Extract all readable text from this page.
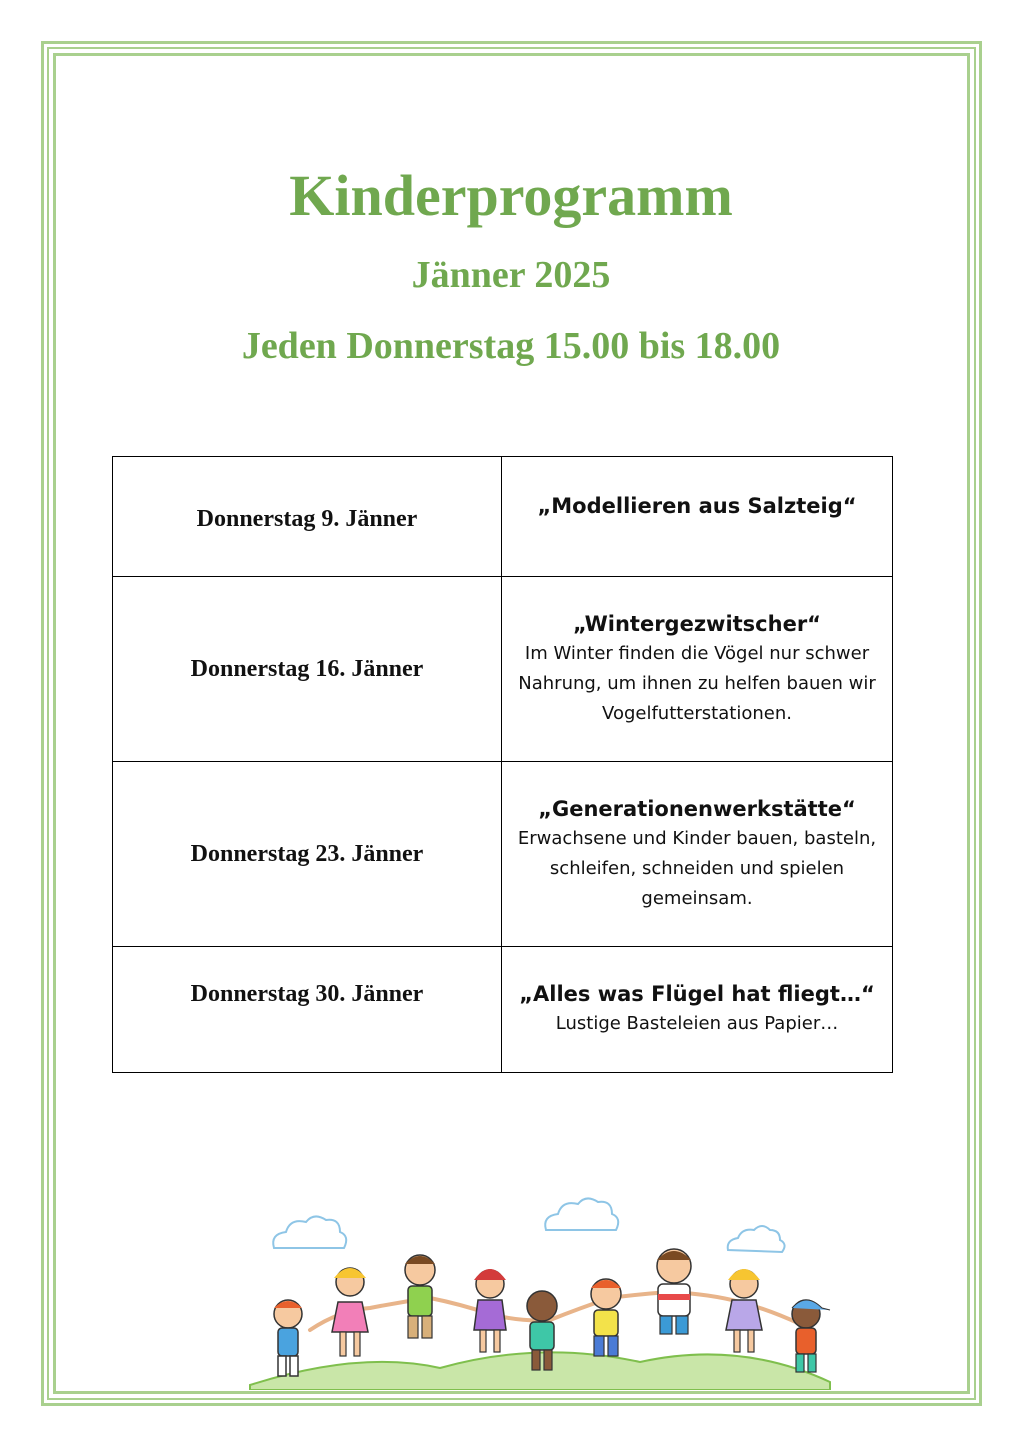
Kinderprogramm
Jänner 2025
Jeden Donnerstag 15.00 bis 18.00
Donnerstag 9. Jänner	„Modellieren aus Salzteig“

Donnerstag 16. Jänner	„Wintergezwitscher“
Im Winter finden die Vögel nur schwer Nahrung, um ihnen zu helfen bauen wir Vogelfutterstationen.

Donnerstag 23. Jänner	„Generationenwerkstätte“
Erwachsene und Kinder bauen, basteln, schleifen, schneiden und spielen gemeinsam.

Donnerstag 30. Jänner	„Alles was Flügel hat fliegt…“
Lustige Basteleien aus Papier…
